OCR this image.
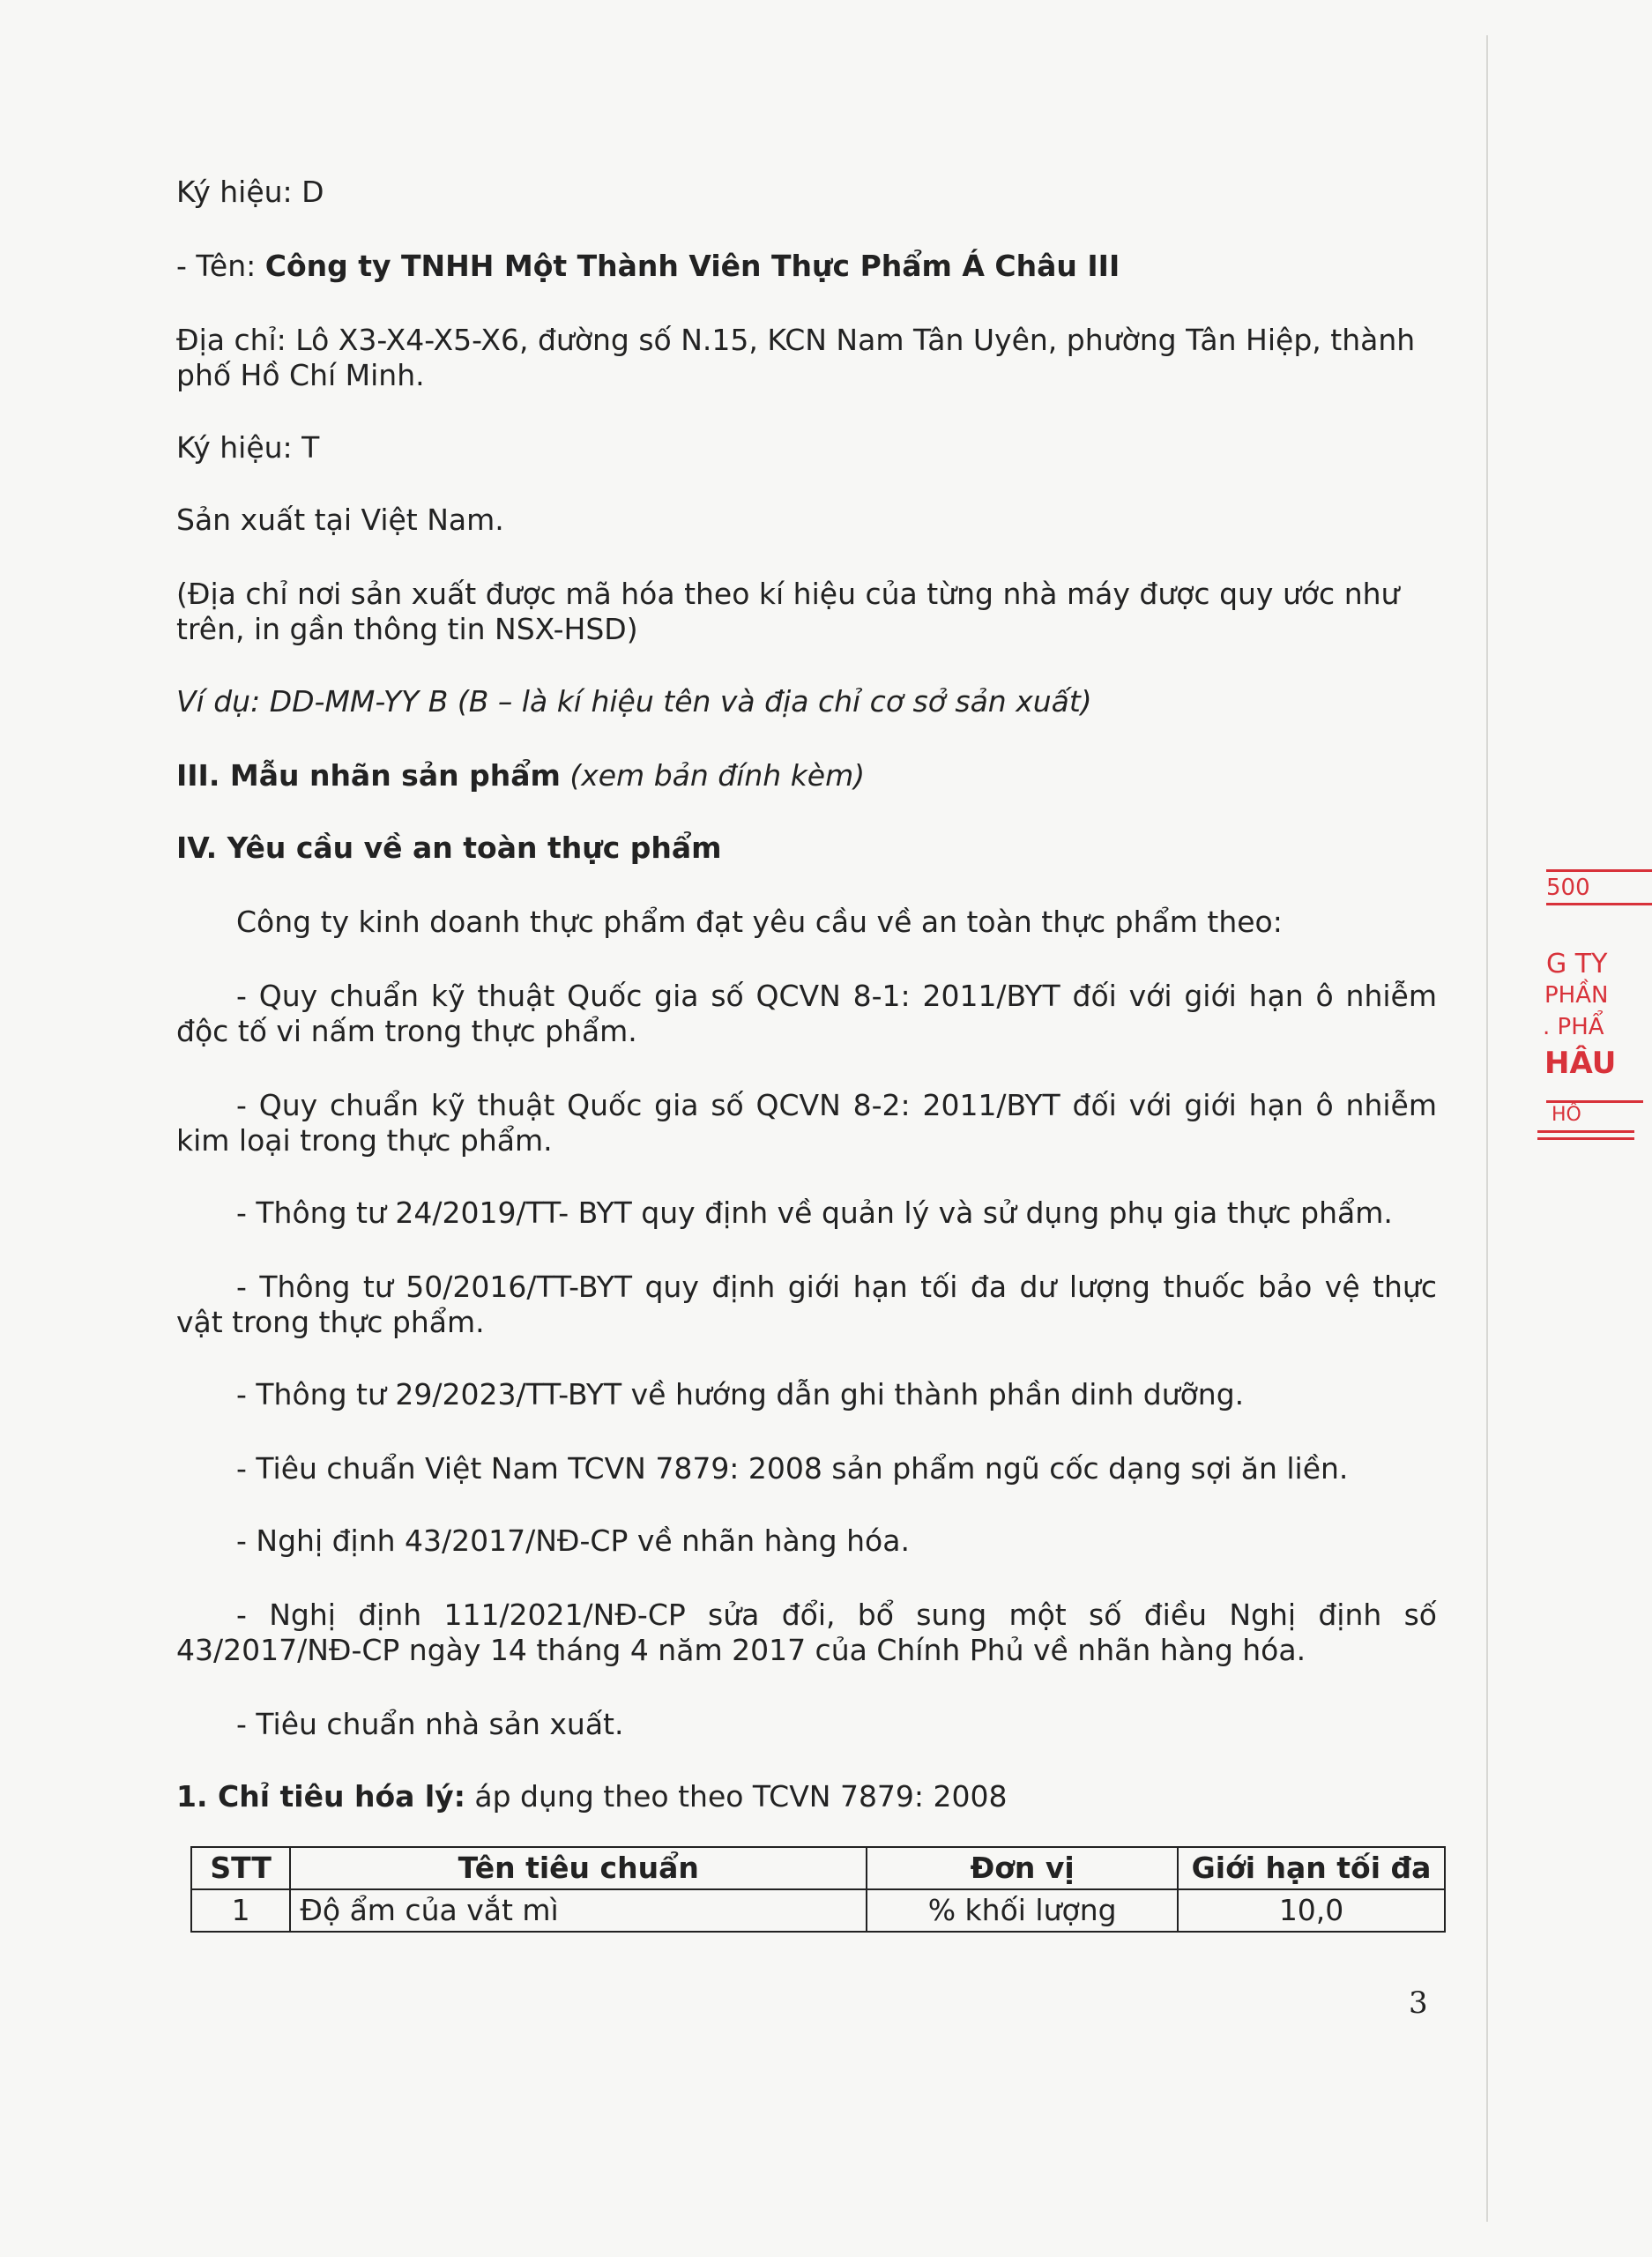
Ký hiệu: D
- Tên: Công ty TNHH Một Thành Viên Thực Phẩm Á Châu III
Địa chỉ: Lô X3-X4-X5-X6, đường số N.15, KCN Nam Tân Uyên, phường Tân Hiệp, thành phố Hồ Chí Minh.
Ký hiệu: T
Sản xuất tại Việt Nam.
(Địa chỉ nơi sản xuất được mã hóa theo kí hiệu của từng nhà máy được quy ước như trên, in gần thông tin NSX-HSD)
Ví dụ: DD-MM-YY B (B – là kí hiệu tên và địa chỉ cơ sở sản xuất)
III. Mẫu nhãn sản phẩm (xem bản đính kèm)
IV. Yêu cầu về an toàn thực phẩm
Công ty kinh doanh thực phẩm đạt yêu cầu về an toàn thực phẩm theo:
- Quy chuẩn kỹ thuật Quốc gia số QCVN 8-1: 2011/BYT đối với giới hạn ô nhiễm độc tố vi nấm trong thực phẩm.
- Quy chuẩn kỹ thuật Quốc gia số QCVN 8-2: 2011/BYT đối với giới hạn ô nhiễm kim loại trong thực phẩm.
- Thông tư 24/2019/TT- BYT quy định về quản lý và sử dụng phụ gia thực phẩm.
- Thông tư 50/2016/TT-BYT quy định giới hạn tối đa dư lượng thuốc bảo vệ thực vật trong thực phẩm.
- Thông tư 29/2023/TT-BYT về hướng dẫn ghi thành phần dinh dưỡng.
- Tiêu chuẩn Việt Nam TCVN 7879: 2008 sản phẩm ngũ cốc dạng sợi ăn liền.
- Nghị định 43/2017/NĐ-CP về nhãn hàng hóa.
- Nghị định 111/2021/NĐ-CP sửa đổi, bổ sung một số điều Nghị định số 43/2017/NĐ-CP ngày 14 tháng 4 năm 2017 của Chính Phủ về nhãn hàng hóa.
- Tiêu chuẩn nhà sản xuất.
1. Chỉ tiêu hóa lý: áp dụng theo theo TCVN 7879: 2008
STT	Tên tiêu chuẩn	Đơn vị	Giới hạn tối đa
1	Độ ẩm của vắt mì	% khối lượng	10,0
3
500
G TY
PHẦN
. PHẨ
HÂU
HỒ
